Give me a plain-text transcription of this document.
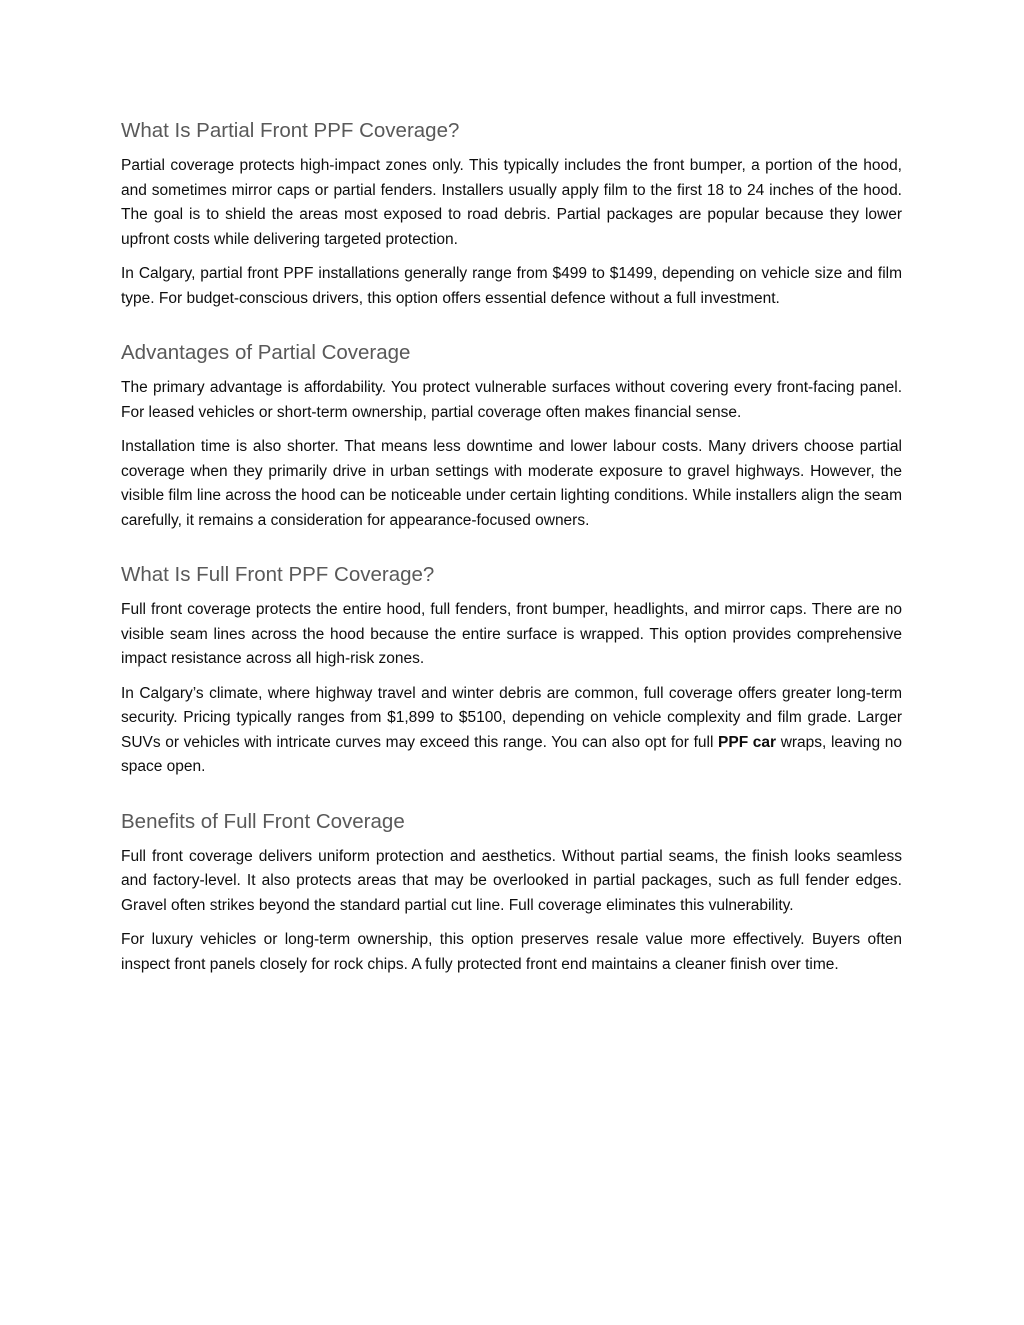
What Is Partial Front PPF Coverage?

Partial coverage protects high-impact zones only. This typically includes the front bumper, a portion of the hood, and sometimes mirror caps or partial fenders. Installers usually apply film to the first 18 to 24 inches of the hood. The goal is to shield the areas most exposed to road debris. Partial packages are popular because they lower upfront costs while delivering targeted protection.

In Calgary, partial front PPF installations generally range from $499 to $1499, depending on vehicle size and film type. For budget-conscious drivers, this option offers essential defence without a full investment.

Advantages of Partial Coverage

The primary advantage is affordability. You protect vulnerable surfaces without covering every front-facing panel. For leased vehicles or short-term ownership, partial coverage often makes financial sense.

Installation time is also shorter. That means less downtime and lower labour costs. Many drivers choose partial coverage when they primarily drive in urban settings with moderate exposure to gravel highways. However, the visible film line across the hood can be noticeable under certain lighting conditions. While installers align the seam carefully, it remains a consideration for appearance-focused owners.

What Is Full Front PPF Coverage?

Full front coverage protects the entire hood, full fenders, front bumper, headlights, and mirror caps. There are no visible seam lines across the hood because the entire surface is wrapped. This option provides comprehensive impact resistance across all high-risk zones.

In Calgary’s climate, where highway travel and winter debris are common, full coverage offers greater long-term security. Pricing typically ranges from $1,899 to $5100, depending on vehicle complexity and film grade. Larger SUVs or vehicles with intricate curves may exceed this range. You can also opt for full PPF car wraps, leaving no space open.

Benefits of Full Front Coverage

Full front coverage delivers uniform protection and aesthetics. Without partial seams, the finish looks seamless and factory-level. It also protects areas that may be overlooked in partial packages, such as full fender edges. Gravel often strikes beyond the standard partial cut line. Full coverage eliminates this vulnerability.

For luxury vehicles or long-term ownership, this option preserves resale value more effectively. Buyers often inspect front panels closely for rock chips. A fully protected front end maintains a cleaner finish over time.
